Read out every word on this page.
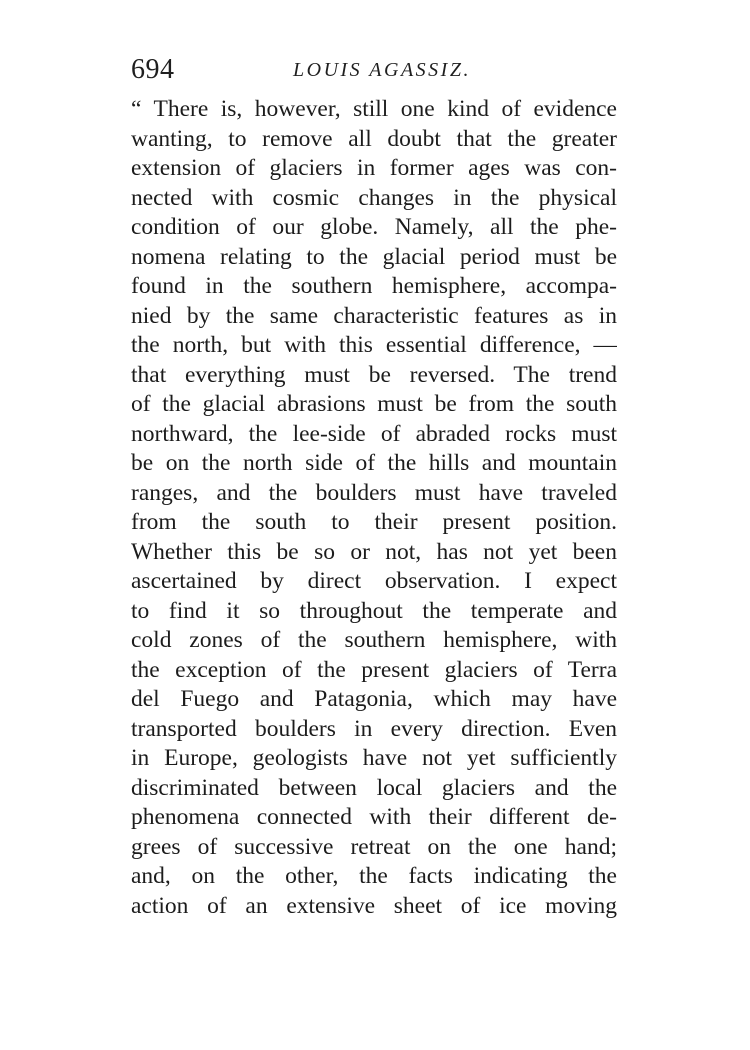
694	LOUIS AGASSIZ.
“ There is, however, still one kind of evidence
wanting, to remove all doubt that the greater
extension of glaciers in former ages was con-
nected with cosmic changes in the physical
condition of our globe. Namely, all the phe-
nomena relating to the glacial period must be
found in the southern hemisphere, accompa-
nied by the same characteristic features as in
the north, but with this essential difference, —
that everything must be reversed. The trend
of the glacial abrasions must be from the south
northward, the lee-side of abraded rocks must
be on the north side of the hills and mountain
ranges, and the boulders must have traveled
from the south to their present position.
Whether this be so or not, has not yet been
ascertained by direct observation. I expect
to find it so throughout the temperate and
cold zones of the southern hemisphere, with
the exception of the present glaciers of Terra
del Fuego and Patagonia, which may have
transported boulders in every direction. Even
in Europe, geologists have not yet sufficiently
discriminated between local glaciers and the
phenomena connected with their different de-
grees of successive retreat on the one hand;
and, on the other, the facts indicating the
action of an extensive sheet of ice moving
